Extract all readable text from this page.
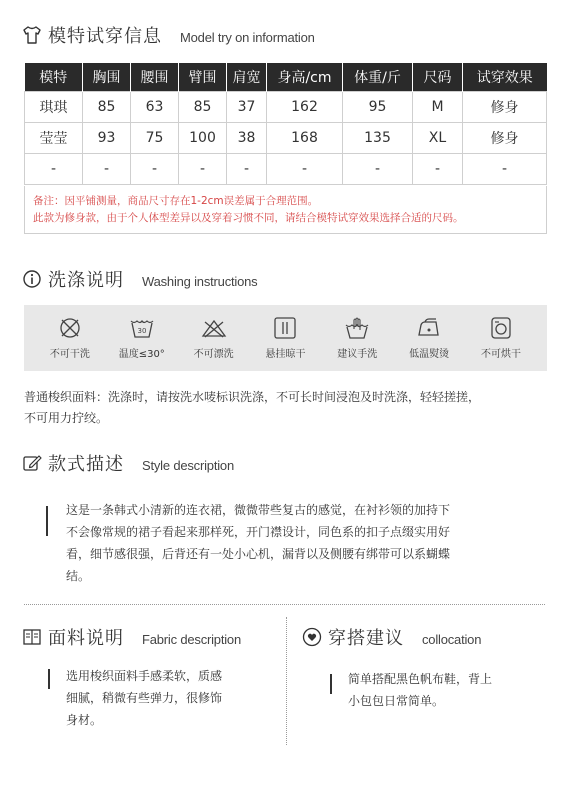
模特试穿信息 Model try on information
模特	胸围	腰围	臂围	肩宽	身高/cm	体重/斤	尺码	试穿效果
琪琪	85	63	85	37	162	95	M	修身
莹莹	93	75	100	38	168	135	XL	修身
-	-	-	-	-	-	-	-	-

备注：因平铺测量，商品尺寸存在1-2cm误差属于合理范围。

此款为修身款，由于个人体型差异以及穿着习惯不同，请结合模特试穿效果选择合适的尺码。

洗涤说明 Washing instructions
不可干洗
30
温度≤30°	不可漂洗	悬挂晾干	建议手洗	低温熨烫	不可烘干
普通梭织面料：洗涤时，请按洗水唛标识洗涤，不可长时间浸泡及时洗涤，轻轻搓搓，
不可用力拧绞。
款式描述 Style description

这是一条韩式小清新的连衣裙，微微带些复古的感觉，在衬衫领的加持下

不会像常规的裙子看起来那样死，开门襟设计，同色系的扣子点缀实用好

看，细节感很强，后背还有一处小心机，漏背以及侧腰有绑带可以系蝴蝶

结。

面料说明 Fabric description
选用梭织面料手感柔软，质感
细腻，稍微有些弹力，很修饰
身材。
穿搭建议 collocation
简单搭配黑色帆布鞋，背上
小包包日常简单。
